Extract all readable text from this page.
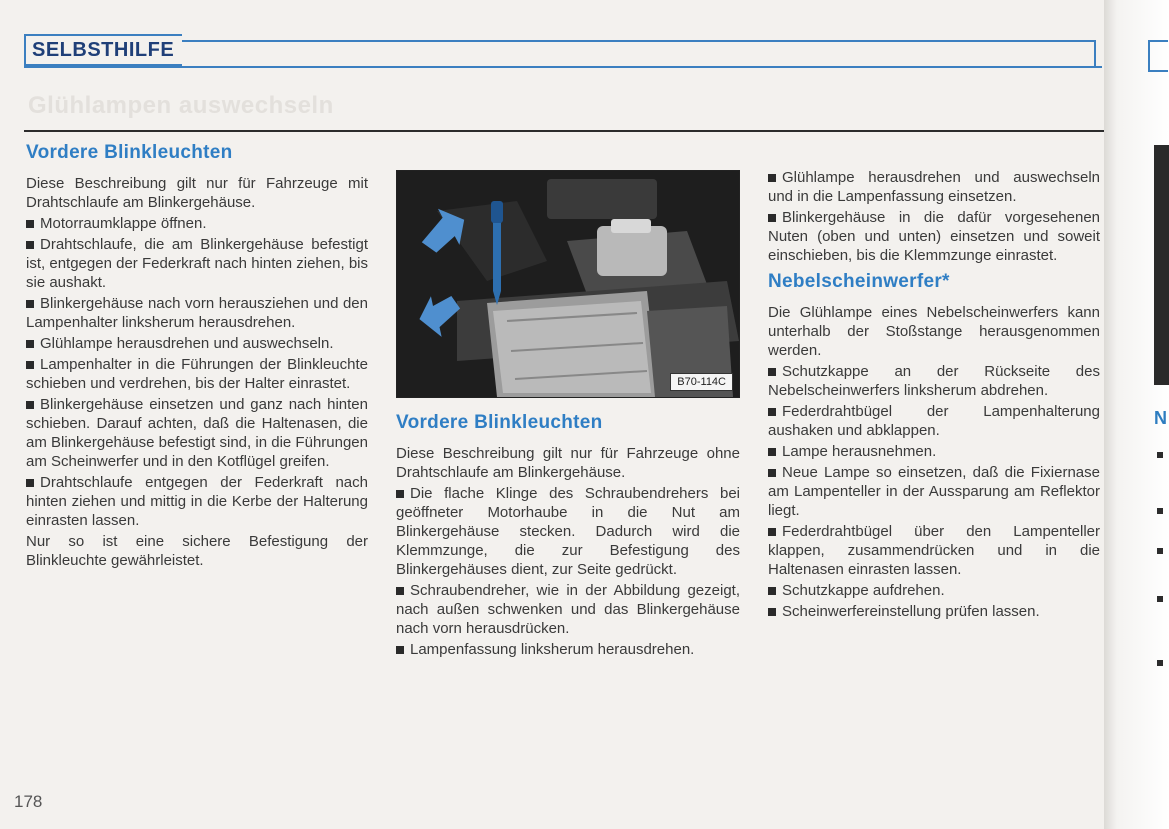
SELBSTHILFE
Glühlampen auswechseln
N
Vordere Blinkleuchten

Diese Beschreibung gilt nur für Fahrzeuge mit Drahtschlaufe am Blinkergehäuse.

Motorraumklappe öffnen.

Drahtschlaufe, die am Blinkergehäuse befestigt ist, entgegen der Federkraft nach hinten ziehen, bis sie aushakt.

Blinkergehäuse nach vorn herausziehen und den Lampenhalter linksherum herausdrehen.

Glühlampe herausdrehen und auswechseln.

Lampenhalter in die Führungen der Blinkleuchte schieben und verdrehen, bis der Halter einrastet.

Blinkergehäuse einsetzen und ganz nach hinten schieben. Darauf achten, daß die Haltenasen, die am Blinkergehäuse befestigt sind, in die Führungen am Scheinwerfer und in den Kotflügel greifen.

Drahtschlaufe entgegen der Federkraft nach hinten ziehen und mittig in die Kerbe der Halterung einrasten lassen.

Nur so ist eine sichere Befestigung der Blinkleuchte gewährleistet.

B70-114C
Vordere Blinkleuchten

Diese Beschreibung gilt nur für Fahrzeuge ohne Drahtschlaufe am Blinkergehäuse.

Die flache Klinge des Schraubendrehers bei geöffneter Motorhaube in die Nut am Blinkergehäuse stecken. Dadurch wird die Klemmzunge, die zur Befestigung des Blinkergehäuses dient, zur Seite gedrückt.

Schraubendreher, wie in der Abbildung gezeigt, nach außen schwenken und das Blinkergehäuse nach vorn herausdrücken.

Lampenfassung linksherum herausdrehen.

Glühlampe herausdrehen und auswechseln und in die Lampenfassung einsetzen.

Blinkergehäuse in die dafür vorgesehenen Nuten (oben und unten) einsetzen und soweit einschieben, bis die Klemmzunge einrastet.

Nebelscheinwerfer*

Die Glühlampe eines Nebelscheinwerfers kann unterhalb der Stoßstange herausgenommen werden.

Schutzkappe an der Rückseite des Nebelscheinwerfers linksherum abdrehen.

Federdrahtbügel der Lampenhalterung aushaken und abklappen.

Lampe herausnehmen.

Neue Lampe so einsetzen, daß die Fixiernase am Lampenteller in der Aussparung am Reflektor liegt.

Federdrahtbügel über den Lampenteller klappen, zusammendrücken und in die Haltenasen einrasten lassen.

Schutzkappe aufdrehen.

Scheinwerfereinstellung prüfen lassen.

178
